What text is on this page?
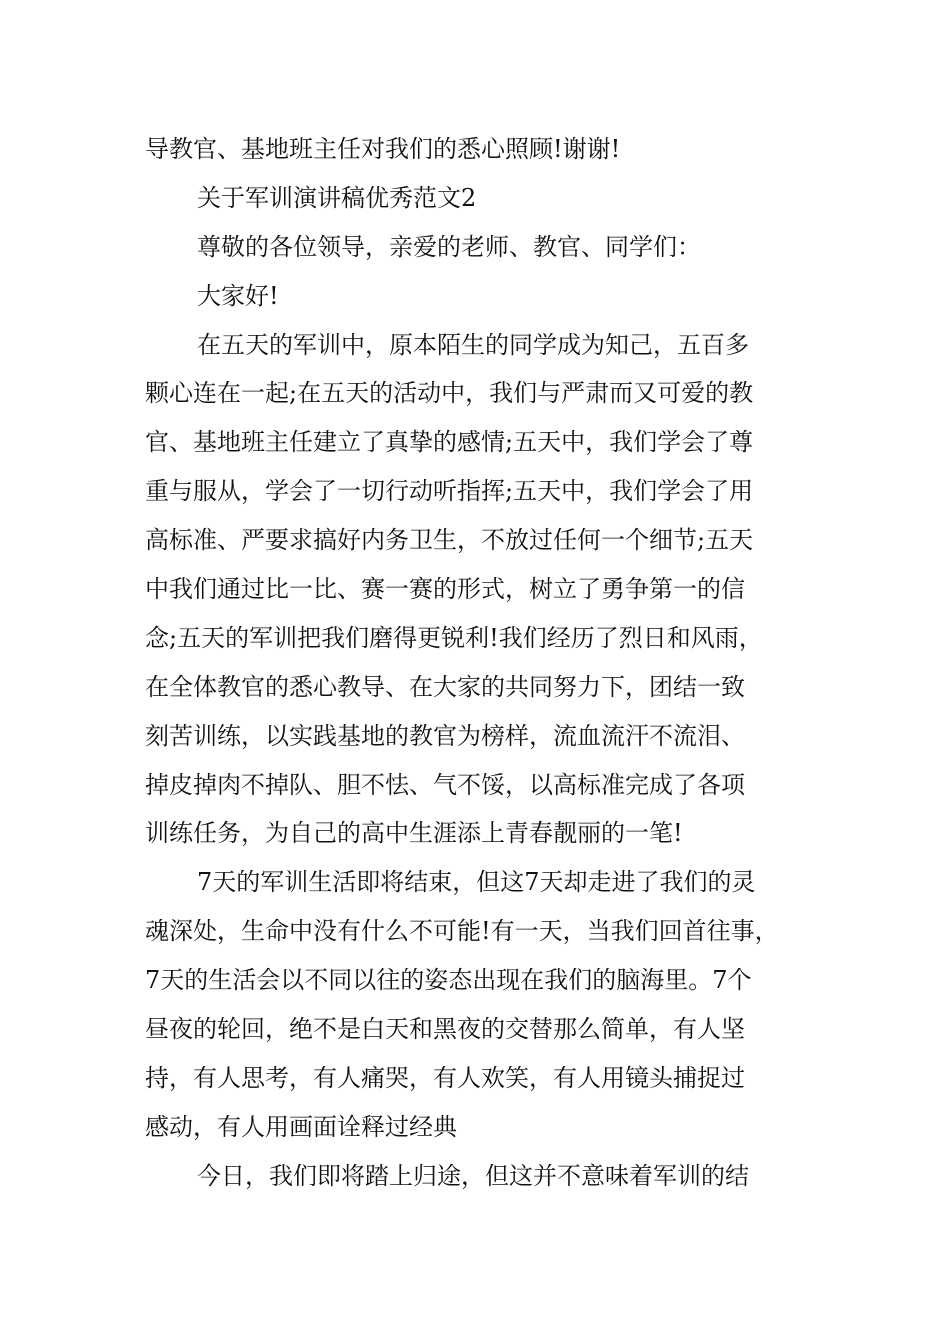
导教官、基地班主任对我们的悉心照顾!谢谢!
关于军训演讲稿优秀范文2
尊敬的各位领导，亲爱的老师、教官、同学们：
大家好!
在五天的军训中，原本陌生的同学成为知己，五百多
颗心连在一起;在五天的活动中，我们与严肃而又可爱的教
官、基地班主任建立了真挚的感情;五天中，我们学会了尊
重与服从，学会了一切行动听指挥;五天中，我们学会了用
高标准、严要求搞好内务卫生，不放过任何一个细节;五天
中我们通过比一比、赛一赛的形式，树立了勇争第一的信
念;五天的军训把我们磨得更锐利!我们经历了烈日和风雨，
在全体教官的悉心教导、在大家的共同努力下，团结一致
刻苦训练，以实践基地的教官为榜样，流血流汗不流泪、
掉皮掉肉不掉队、胆不怯、气不馁，以高标准完成了各项
训练任务，为自己的高中生涯添上青春靓丽的一笔!
7天的军训生活即将结束，但这7天却走进了我们的灵
魂深处，生命中没有什么不可能!有一天，当我们回首往事，
7天的生活会以不同以往的姿态出现在我们的脑海里。7个
昼夜的轮回，绝不是白天和黑夜的交替那么简单，有人坚
持，有人思考，有人痛哭，有人欢笑，有人用镜头捕捉过
感动，有人用画面诠释过经典
今日，我们即将踏上归途，但这并不意味着军训的结
